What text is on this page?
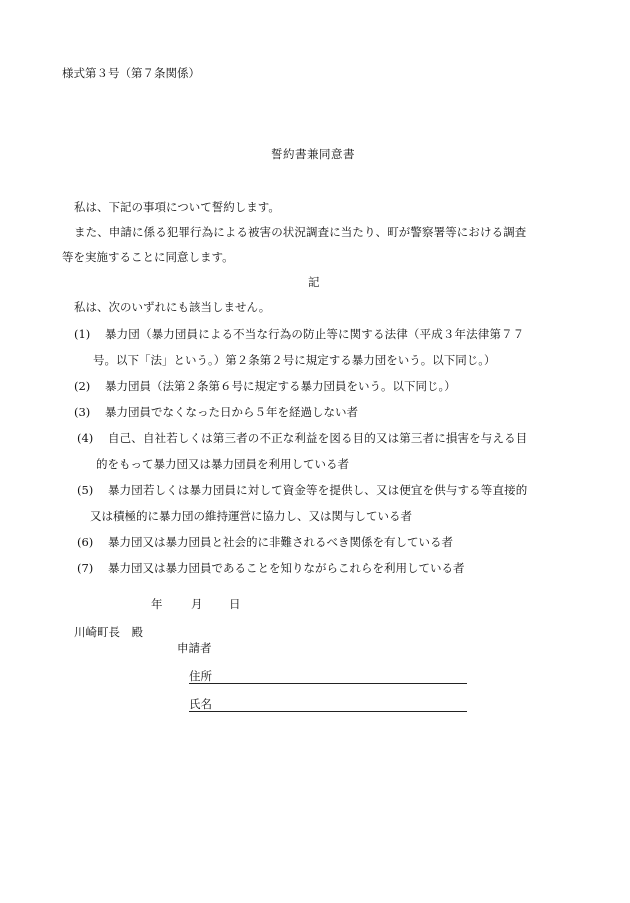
様式第３号（第７条関係）
誓約書兼同意書
私は、下記の事項について誓約します。
また、申請に係る犯罪行為による被害の状況調査に当たり、町が警察署等における調査
等を実施することに同意します。
記
私は、次のいずれにも該当しません。
(1) 暴力団（暴力団員による不当な行為の防止等に関する法律（平成３年法律第７７
号。以下「法」という。）第２条第２号に規定する暴力団をいう。以下同じ。）
(2) 暴力団員（法第２条第６号に規定する暴力団員をいう。以下同じ。）
(3) 暴力団員でなくなった日から５年を経過しない者
(4) 自己、自社若しくは第三者の不正な利益を図る目的又は第三者に損害を与える目
的をもって暴力団又は暴力団員を利用している者
(5) 暴力団若しくは暴力団員に対して資金等を提供し、又は便宜を供与する等直接的
又は積極的に暴力団の維持運営に協力し、又は関与している者
(6) 暴力団又は暴力団員と社会的に非難されるべき関係を有している者
(7) 暴力団又は暴力団員であることを知りながらこれらを利用している者
年 月 日
川崎町長　殿
申請者
住所
氏名
